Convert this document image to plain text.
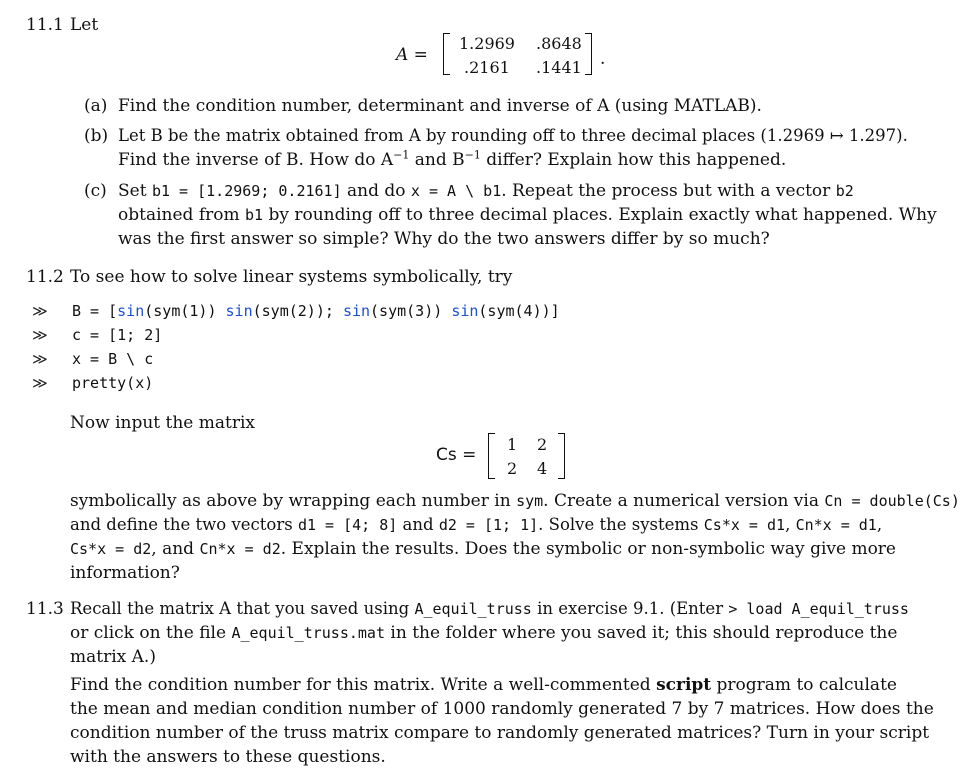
11.1 Let
A =
1.2969 .8648
.2161 .1441 .
(a) Find the condition number, determinant and inverse of A (using MATLAB).
(b) Let B be the matrix obtained from A by rounding off to three decimal places (1.2969 ↦ 1.297).
Find the inverse of B. How do $A^{-1}$ and $B^{-1}$ differ? Explain how this happened.
(c) Set b1 = [1.2969; 0.2161] and do x = A \ b1. Repeat the process but with a vector b2
obtained from b1 by rounding off to three decimal places. Explain exactly what happened. Why
was the first answer so simple? Why do the two answers differ by so much?
11.2 To see how to solve linear systems symbolically, try
≫ B = [sin(sym(1)) sin(sym(2)); sin(sym(3)) sin(sym(4))]
≫ c = [1; 2]
≫ x = B \ c
≫ pretty(x)
Now input the matrix
Cs =
1 2
2 4
symbolically as above by wrapping each number in sym. Create a numerical version via Cn = double(Cs)
and define the two vectors d1 = [4; 8] and d2 = [1; 1]. Solve the systems Cs*x = d1, Cn*x = d1,
Cs*x = d2, and Cn*x = d2. Explain the results. Does the symbolic or non-symbolic way give more
information?
11.3 Recall the matrix A that you saved using A_equil_truss in exercise 9.1. (Enter > load A_equil_truss
or click on the file A_equil_truss.mat in the folder where you saved it; this should reproduce the
matrix A.)
Find the condition number for this matrix. Write a well-commented script program to calculate
the mean and median condition number of 1000 randomly generated 7 by 7 matrices. How does the
condition number of the truss matrix compare to randomly generated matrices? Turn in your script
with the answers to these questions.
